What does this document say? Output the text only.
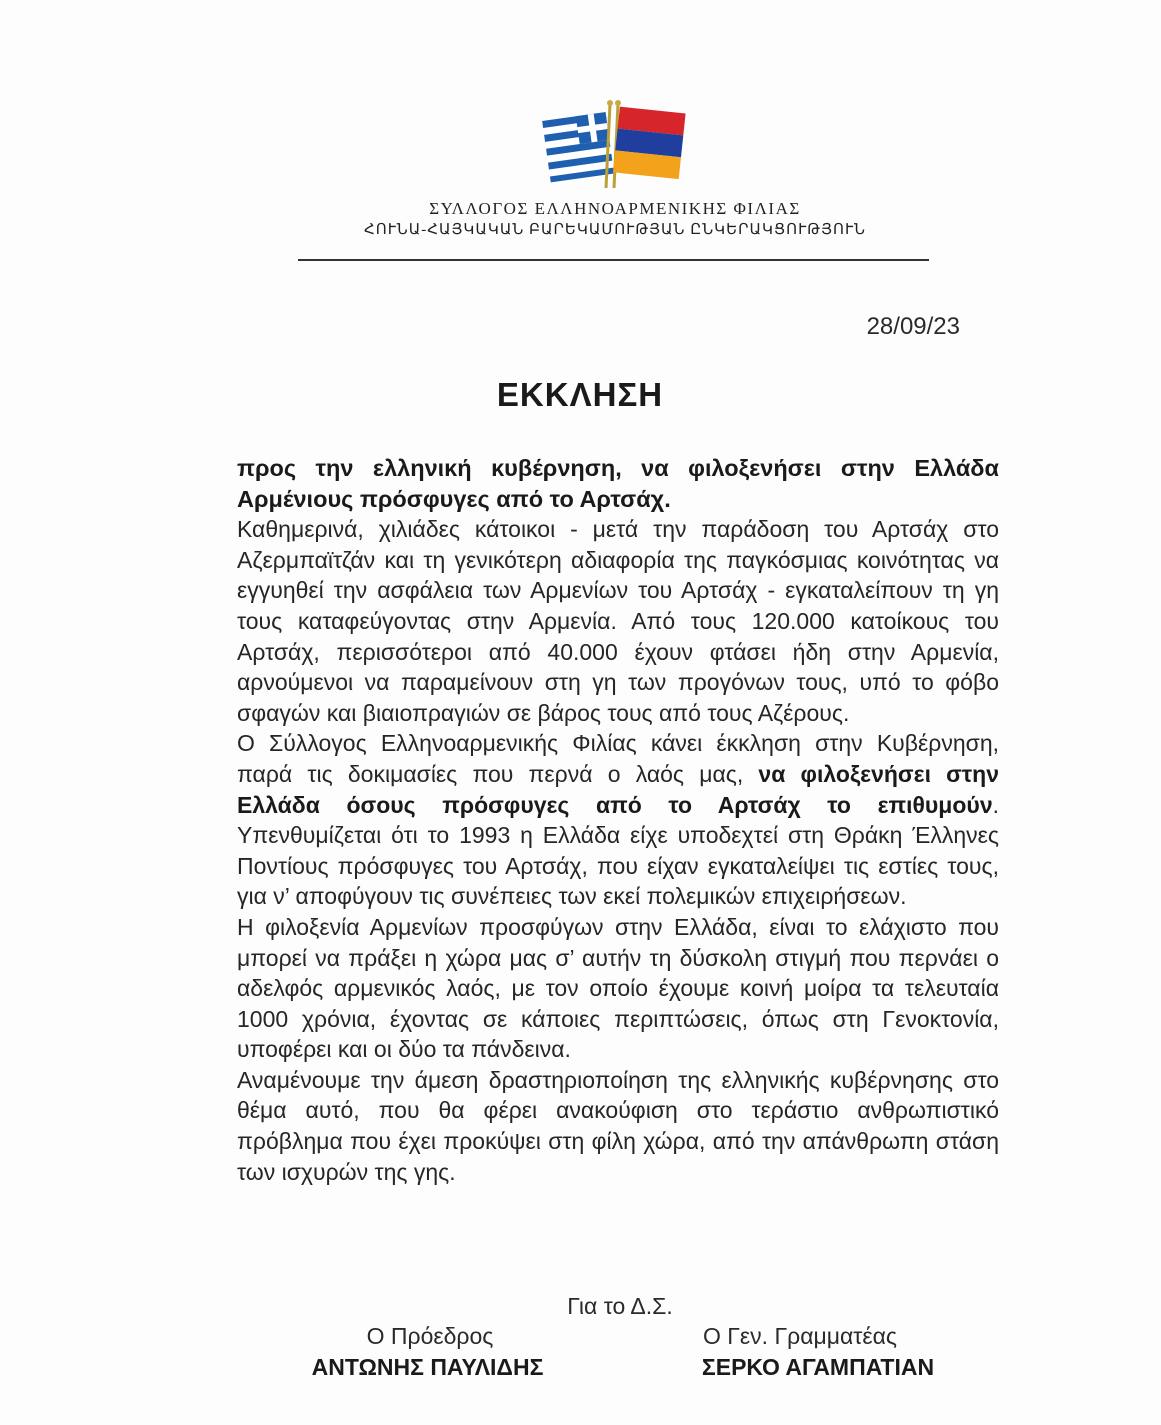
ΣΥΛΛΟΓΟΣ ΕΛΛΗΝΟΑΡΜΕΝΙΚΗΣ ΦΙΛΙΑΣ
ՀՈՒՆԱ-ՀԱՅԿԱԿԱՆ ԲԱՐԵԿԱՄՈՒԹՅԱՆ ԸՆԿԵՐԱԿՑՈՒԹՅՈՒՆ
28/09/23
ΕΚΚΛΗΣΗ

προς την ελληνική κυβέρνηση, να φιλοξενήσει στην Ελλάδα Αρμένιους πρόσφυγες από το Αρτσάχ.

Καθημερινά, χιλιάδες κάτοικοι - μετά την παράδοση του Αρτσάχ στο Αζερμπαϊτζάν και τη γενικότερη αδιαφορία της παγκόσμιας κοινότητας να εγγυηθεί την ασφάλεια των Αρμενίων του Αρτσάχ - εγκαταλείπουν τη γη τους καταφεύγοντας στην Αρμενία. Από τους 120.000 κατοίκους του Αρτσάχ, περισσότεροι από 40.000 έχουν φτάσει ήδη στην Αρμενία, αρνούμενοι να παραμείνουν στη γη των προγόνων τους, υπό το φόβο σφαγών και βιαιοπραγιών σε βάρος τους από τους Αζέρους.

Ο Σύλλογος Ελληνοαρμενικής Φιλίας κάνει έκκληση στην Κυβέρνηση, παρά τις δοκιμασίες που περνά ο λαός μας, να φιλοξενήσει στην Ελλάδα όσους πρόσφυγες από το Αρτσάχ το επιθυμούν. Υπενθυμίζεται ότι το 1993 η Ελλάδα είχε υποδεχτεί στη Θράκη Έλληνες Ποντίους πρόσφυγες του Αρτσάχ, που είχαν εγκαταλείψει τις εστίες τους, για ν’ αποφύγουν τις συνέπειες των εκεί πολεμικών επιχειρήσεων.

Η φιλοξενία Αρμενίων προσφύγων στην Ελλάδα, είναι το ελάχιστο που μπορεί να πράξει η χώρα μας σ’ αυτήν τη δύσκολη στιγμή που περνάει ο αδελφός αρμενικός λαός, με τον οποίο έχουμε κοινή μοίρα τα τελευταία 1000 χρόνια, έχοντας σε κάποιες περιπτώσεις, όπως στη Γενοκτονία, υποφέρει και οι δύο τα πάνδεινα.

Αναμένουμε την άμεση δραστηριοποίηση της ελληνικής κυβέρνησης στο θέμα αυτό, που θα φέρει ανακούφιση στο τεράστιο ανθρωπιστικό πρόβλημα που έχει προκύψει στη φίλη χώρα, από την απάνθρωπη στάση των ισχυρών της γης.

Για το Δ.Σ.
Ο Πρόεδρος
ΑΝΤΩΝΗΣ ΠΑΥΛΙΔΗΣ
Ο Γεν. Γραμματέας
ΣΕΡΚΟ ΑΓΑΜΠΑΤΙΑΝ
